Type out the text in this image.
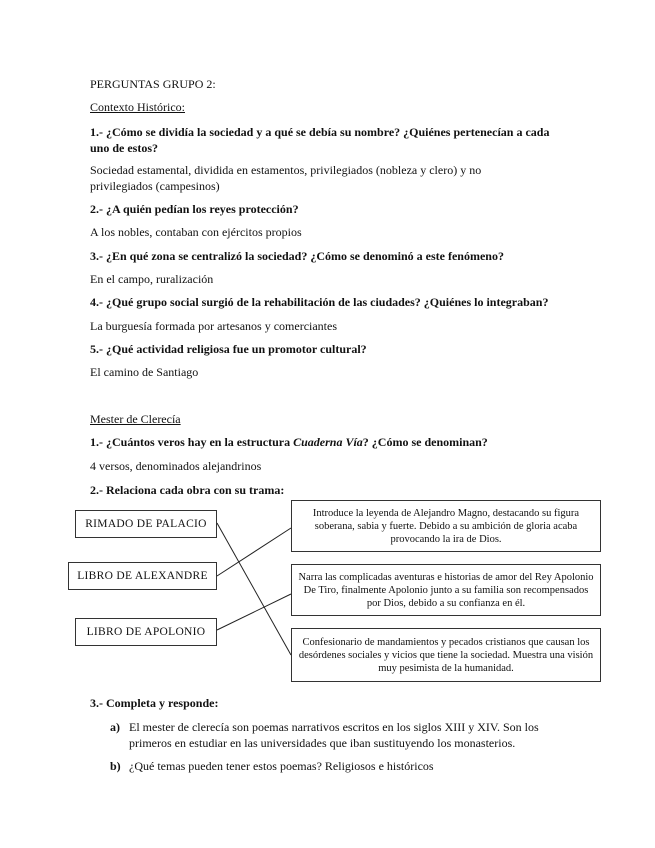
PERGUNTAS GRUPO 2:
Contexto Histórico:
1.- ¿Cómo se dividía la sociedad y a qué se debía su nombre? ¿Quiénes pertenecían a cada
uno de estos?
Sociedad estamental, dividida en estamentos, privilegiados (nobleza y clero) y no
privilegiados (campesinos)
2.- ¿A quién pedían los reyes protección?
A los nobles, contaban con ejércitos propios
3.- ¿En qué zona se centralizó la sociedad? ¿Cómo se denominó a este fenómeno?
En el campo, ruralización
4.- ¿Qué grupo social surgió de la rehabilitación de las ciudades? ¿Quiénes lo integraban?
La burguesía formada por artesanos y comerciantes
5.- ¿Qué actividad religiosa fue un promotor cultural?
El camino de Santiago
Mester de Clerecía
1.- ¿Cuántos veros hay en la estructura Cuaderna Vía? ¿Cómo se denominan?
4 versos, denominados alejandrinos
2.- Relaciona cada obra con su trama:
RIMADO DE PALACIO
LIBRO DE ALEXANDRE
LIBRO DE APOLONIO
Introduce la leyenda de Alejandro Magno, destacando su figura soberana, sabia y fuerte. Debido a su ambición de gloria acaba provocando la ira de Dios.
Narra las complicadas aventuras e historias de amor del Rey Apolonio De Tiro, finalmente Apolonio junto a su familia son recompensados por Dios, debido a su confianza en él.
Confesionario de mandamientos y pecados cristianos que causan los desórdenes sociales y vicios que tiene la sociedad. Muestra una visión muy pesimista de la humanidad.
3.- Completa y responde:
a) El mester de clerecía son poemas narrativos escritos en los siglos XIII y XIV. Son los
primeros en estudiar en las universidades que iban sustituyendo los monasterios.
b) ¿Qué temas pueden tener estos poemas? Religiosos e históricos
